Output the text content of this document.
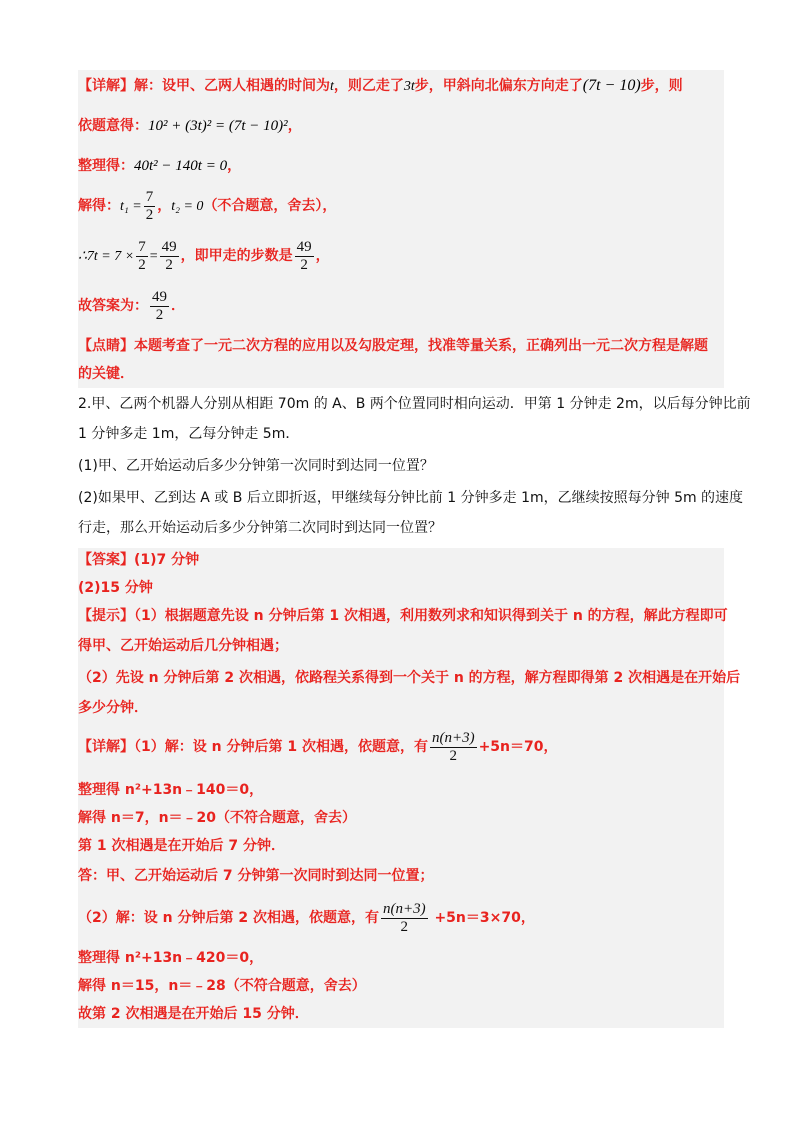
【详解】解：设甲、乙两人相遇的时间为t，则乙走了3t步，甲斜向北偏东方向走了(7t − 10)步，则
依题意得：10² + (3t)² = (7t − 10)²，
整理得：40t² − 140t = 0，
解得：$t_1 = \frac{7}{2}$ ，t₂ = 0（不合题意，舍去），
∴7t = $7 \times \frac{7}{2} = \frac{49}{2}$ ，即甲走的步数是 $\frac{49}{2}$ ，
故答案为： $\frac{49}{2}$ ．
【点睛】本题考查了一元二次方程的应用以及勾股定理，找准等量关系，正确列出一元二次方程是解题
的关键．
2.甲、乙两个机器人分别从相距 70m 的 A、B 两个位置同时相向运动．甲第 1 分钟走 2m，以后每分钟比前
1 分钟多走 1m，乙每分钟走 5m．
(1)甲、乙开始运动后多少分钟第一次同时到达同一位置？
(2)如果甲、乙到达 A 或 B 后立即折返，甲继续每分钟比前 1 分钟多走 1m，乙继续按照每分钟 5m 的速度
行走，那么开始运动后多少分钟第二次同时到达同一位置？
【答案】(1)7 分钟
(2)15 分钟
【提示】（1）根据题意先设 n 分钟后第 1 次相遇，利用数列求和知识得到关于 n 的方程，解此方程即可
得甲、乙开始运动后几分钟相遇；
（2）先设 n 分钟后第 2 次相遇，依路程关系得到一个关于 n 的方程，解方程即得第 2 次相遇是在开始后
多少分钟．
【详解】（1）解：设 n 分钟后第 1 次相遇，依题意，有 $\frac{n(n+3)}{2} +5n=70$，
整理得 n²+13n﹣140＝0，
解得 n＝7，n＝﹣20（不符合题意，舍去）
第 1 次相遇是在开始后 7 分钟．
答：甲、乙开始运动后 7 分钟第一次同时到达同一位置；
（2）解：设 n 分钟后第 2 次相遇，依题意，有 $\frac{n(n+3)}{2} +5n=3\times 70$，
整理得 n²+13n﹣420＝0，
解得 n＝15，n＝﹣28（不符合题意，舍去）
故第 2 次相遇是在开始后 15 分钟．
